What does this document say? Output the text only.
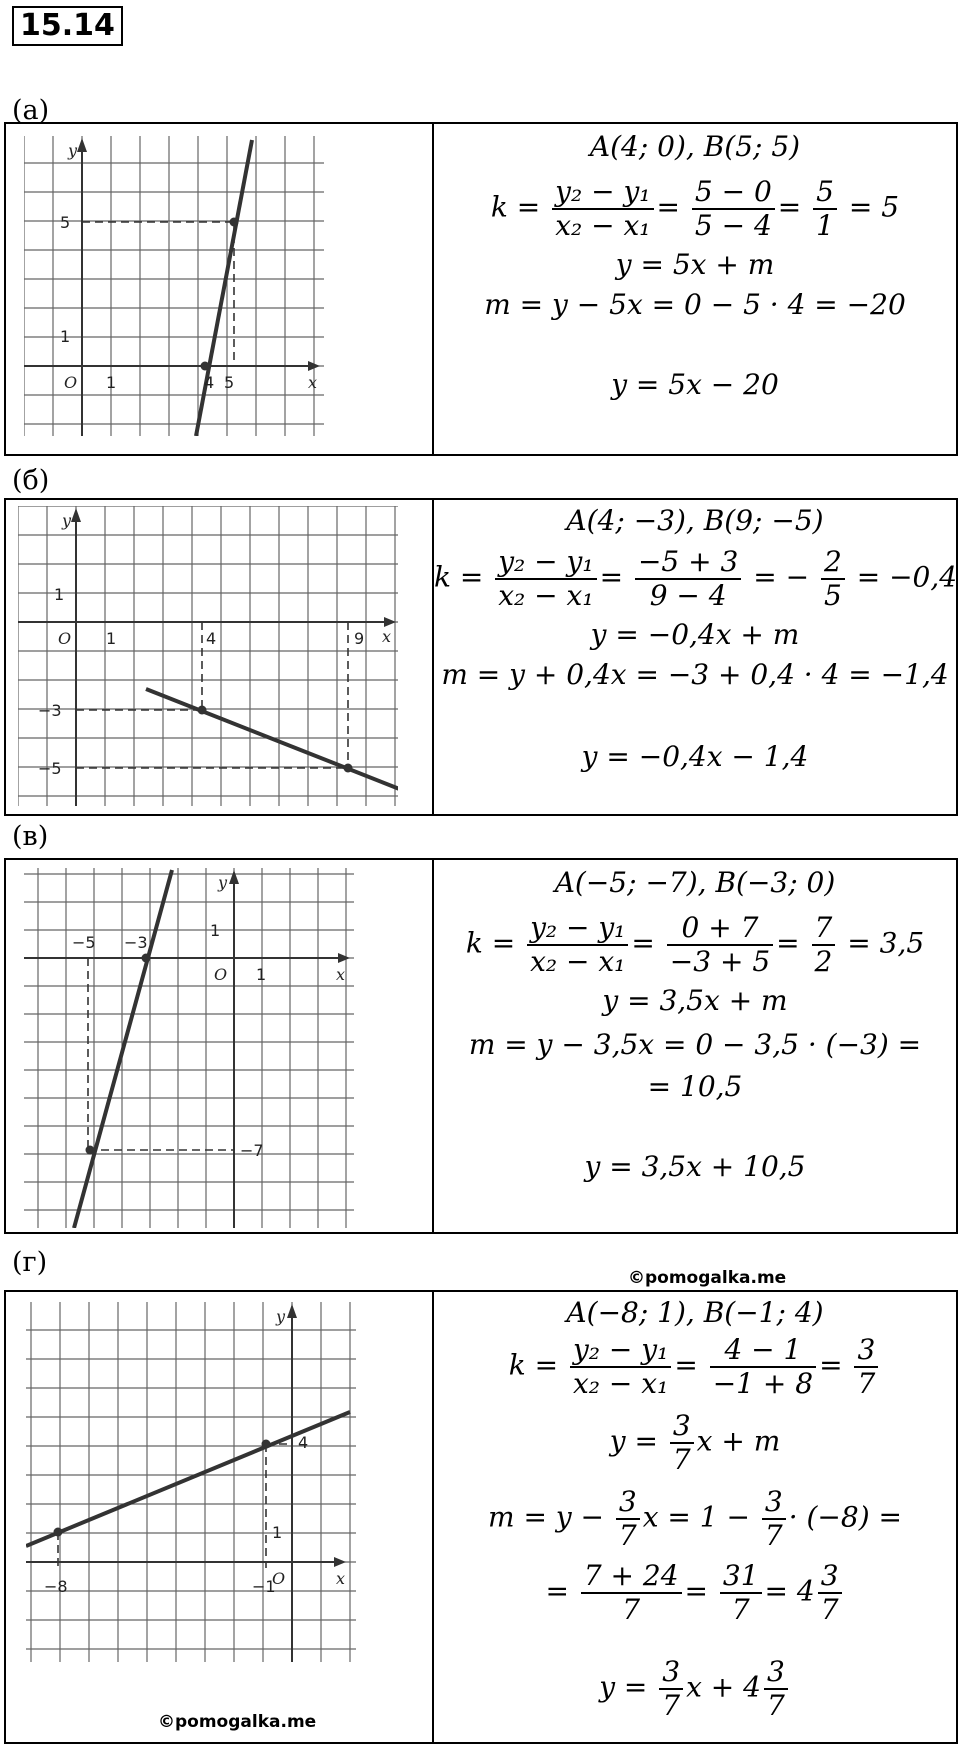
15.14
(а)
y
x
O 1
5
1
4 5
A(4; 0), B(5; 5)
$k = \frac{\text{y₂ − y₁}}{\text{x₂ − x₁}} = \frac{5 - 0}{5 - 4} = \frac{5}{1} = 5$
y = 5x + m
m = y − 5x = 0 − 5 · 4 = −20
y = 5x − 20
(б)
y
x
O 1	4	9
1
−3
−5
A(4; −3), B(9; −5)
$k = \frac{\text{y₂ − y₁}}{\text{x₂ − x₁}} = \frac{-5 + 3}{9 - 4}$ = − $\frac{2}{5} = -0,4$
y = −0,4x + m
m = y + 0,4x = −3 + 0,4 · 4 = −1,4
y = −0,4x − 1,4
(в)
y
x
O
1
−5 −3
1
−7
A(−5; −7), B(−3; 0)
$k = \frac{\text{y₂ − y₁}}{\text{x₂ − x₁}} = \frac{0 + 7}{-3 + 5} = \frac{7}{2} = 3,5$
y = 3,5x + m
m = y − 3,5x = 0 − 3,5 · (−3) =
= 10,5
y = 3,5x + 10,5
(г)	©pomogalka.me
y
x
O
4
1
−8	−1
©pomogalka.me
A(−8; 1), B(−1; 4)
$k = \frac{\text{y₂ − y₁}}{\text{x₂ − x₁}} = \frac{4 - 1}{-1 + 8} = \frac{3}{7}$
$y = \frac{3}{7}$ x + m
$m = y - \frac{3}{7}$ $x = 1 - \frac{3}{7} \cdot (-8)$ =
= $\frac{7 + 24}{7} = \frac{31}{7} = 4 \frac{3}{7}$
$y = \frac{3}{7}$ $x + 4 \frac{3}{7}$
